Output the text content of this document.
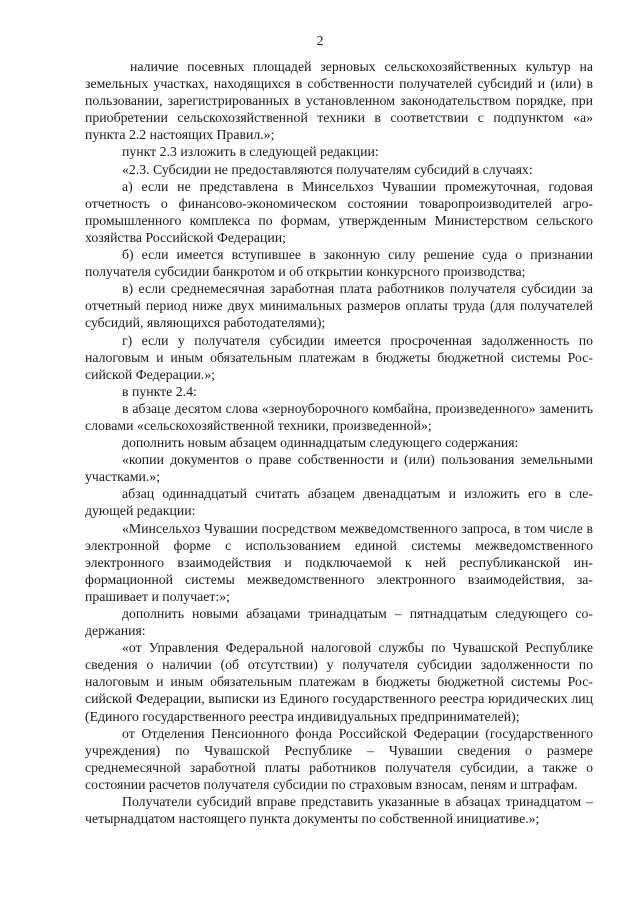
2

наличие посевных площадей зерновых сельскохозяйственных культур на земельных участках, находящихся в собственности получателей субсидий и (или) в пользовании, зарегистрированных в установленном законодательством порядке, при приобретении сельскохозяйственной техники в соответствии с подпунктом «а» пункта 2.2 настоящих Правил.»;

пункт 2.3 изложить в следующей редакции:

«2.3. Субсидии не предоставляются получателям субсидий в случаях:

а) если не представлена в Минсельхоз Чувашии промежуточная, годовая отчетность о финансово-экономическом состоянии товаропроизводителей агропромышленного комплекса по формам, утвержденным Министерством сельского хозяйства Российской Федерации;

б) если имеется вступившее в законную силу решение суда о признании получателя субсидии банкротом и об открытии конкурсного производства;

в) если среднемесячная заработная плата работников получателя субсидии за отчетный период ниже двух минимальных размеров оплаты труда (для получателей субсидий, являющихся работодателями);

г) если у получателя субсидии имеется просроченная задолженность по налоговым и иным обязательным платежам в бюджеты бюджетной системы Российской Федерации.»;

в пункте 2.4:

в абзаце десятом слова «зерноуборочного комбайна, произведенного» заменить словами «сельскохозяйственной техники, произведенной»;

дополнить новым абзацем одиннадцатым следующего содержания:

«копии документов о праве собственности и (или) пользования земельными участками.»;

абзац одиннадцатый считать абзацем двенадцатым и изложить его в следующей редакции:

«Минсельхоз Чувашии посредством межведомственного запроса, в том числе в электронной форме с использованием единой системы межведомственного электронного взаимодействия и подключаемой к ней республиканской информационной системы межведомственного электронного взаимодействия, запрашивает и получает:»;

дополнить новыми абзацами тринадцатым – пятнадцатым следующего содержания:

«от Управления Федеральной налоговой службы по Чувашской Республике сведения о наличии (об отсутствии) у получателя субсидии задолженности по налоговым и иным обязательным платежам в бюджеты бюджетной системы Российской Федерации, выписки из Единого государственного реестра юридических лиц (Единого государственного реестра индивидуальных предпринимателей);

от Отделения Пенсионного фонда Российской Федерации (государственного учреждения) по Чувашской Республике – Чувашии сведения о размере среднемесячной заработной платы работников получателя субсидии, а также о состоянии расчетов получателя субсидии по страховым взносам, пеням и штрафам.

Получатели субсидий вправе представить указанные в абзацах тринадцатом – четырнадцатом настоящего пункта документы по собственной инициативе.»;
